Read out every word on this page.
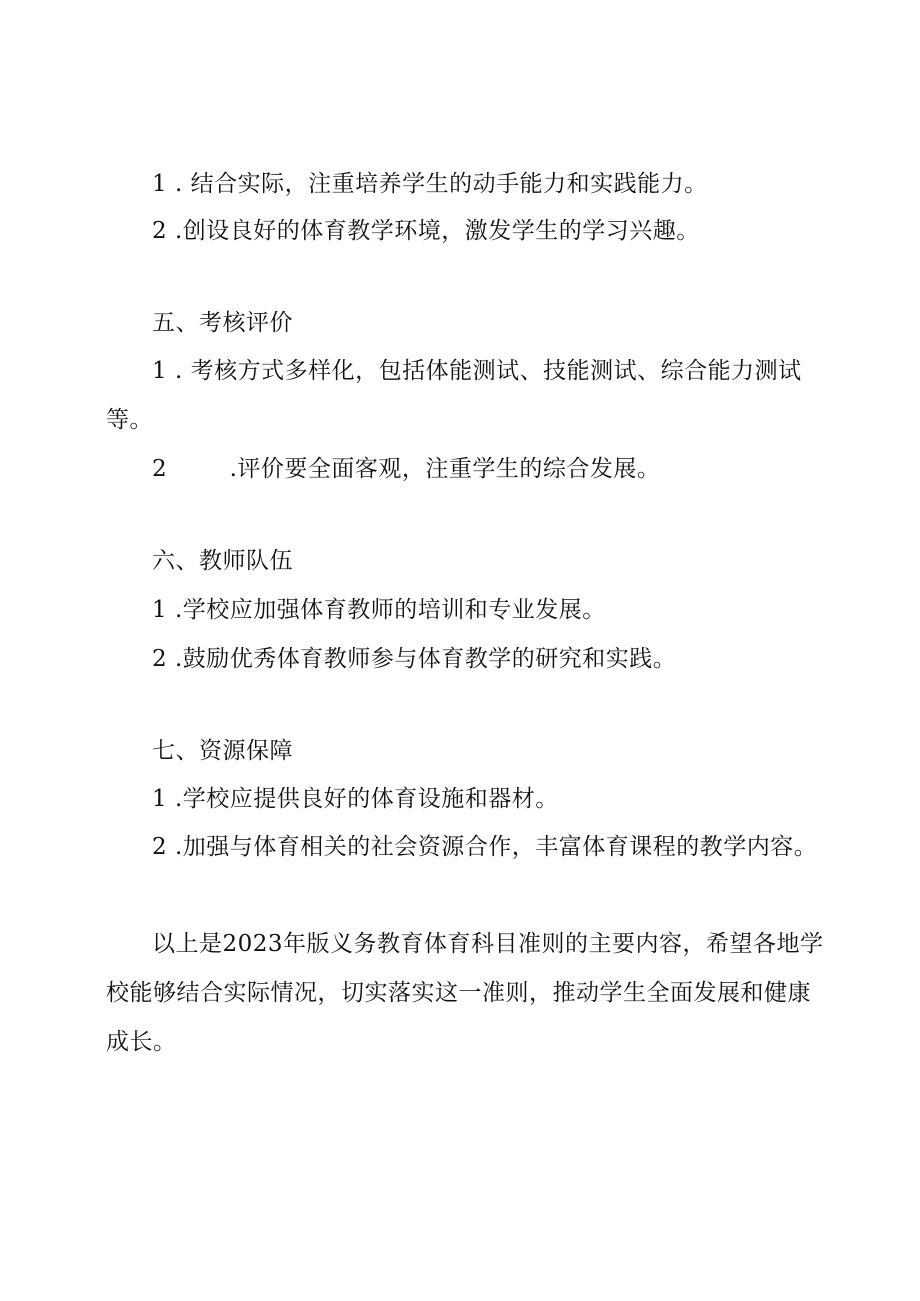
1 . 结合实际，注重培养学生的动手能力和实践能力。
2 .创设良好的体育教学环境，激发学生的学习兴趣。
五、考核评价
1 . 考核方式多样化，包括体能测试、技能测试、综合能力测试
等。
2        .评价要全面客观，注重学生的综合发展。
六、教师队伍
1 .学校应加强体育教师的培训和专业发展。
2 .鼓励优秀体育教师参与体育教学的研究和实践。
七、资源保障
1 .学校应提供良好的体育设施和器材。
2 .加强与体育相关的社会资源合作，丰富体育课程的教学内容。
以上是2023年版义务教育体育科目准则的主要内容，希望各地学
校能够结合实际情况，切实落实这一准则，推动学生全面发展和健康
成长。
